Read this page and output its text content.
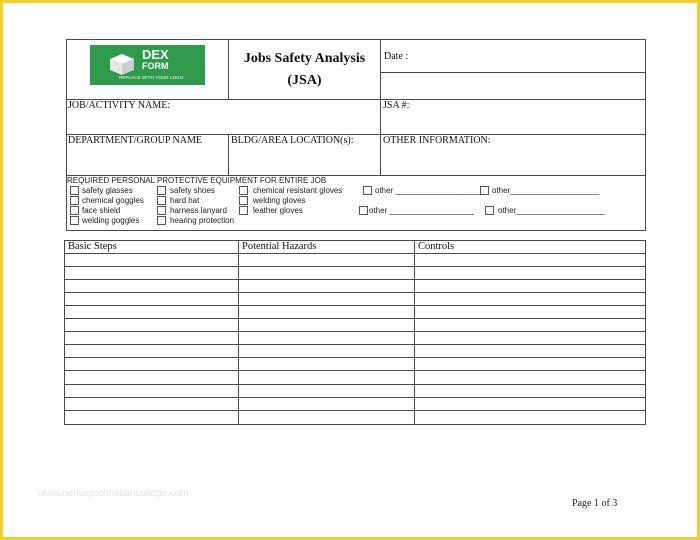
DEX
FORM
REPLACE WITH YOUR LOGO
Jobs Safety Analysis
(JSA)
Date :
JOB/ACTIVITY NAME:	JSA #:
DEPARTMENT/GROUP NAME	BLDG/AREA LOCATION(s):	OTHER INFORMATION:
REQUIRED PERSONAL PROTECTIVE EQUIPMENT FOR ENTIRE JOB
safety glasses
chemical goggles
face shield
welding goggles
safety shoes
hard hat
harness lanyard
hearing protection
chemical resistant gloves
welding gloves
leather gloves
other ___________________ other____________________
other ___________________	other____________________
Basic Steps	Potential Hazards	Controls
www.heritagechristiancollege.com
Page 1 of 3
